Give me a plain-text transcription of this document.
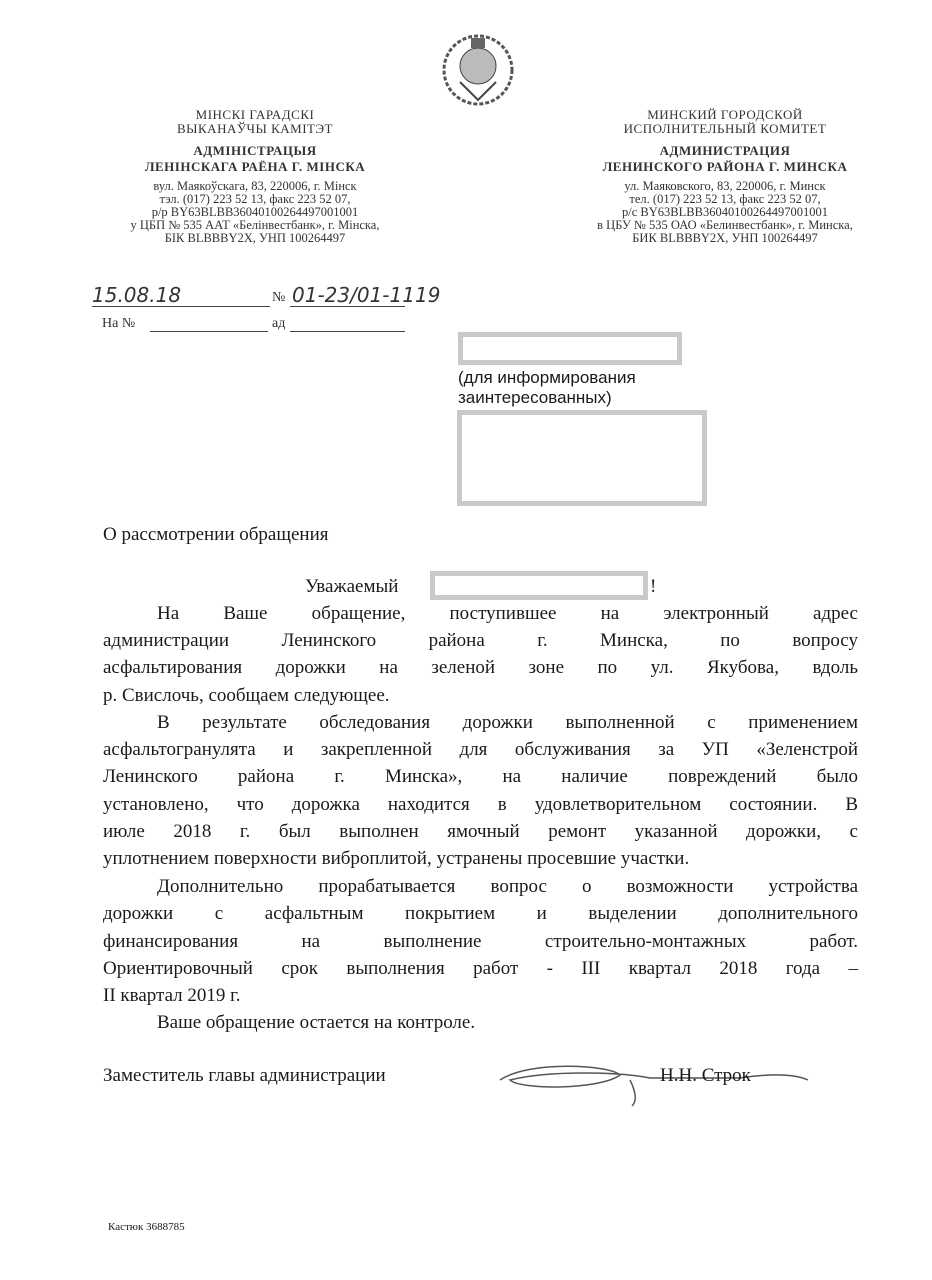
МІНСКІ ГАРАДСКІ
ВЫКАНАЎЧЫ КАМІТЭТ
АДМІНІСТРАЦЫЯ
ЛЕНІНСКАГА РАЁНА Г. МІНСКА
вул. Маякоўскага, 83, 220006, г. Мінск
тэл. (017) 223 52 13, факс 223 52 07,
р/р BY63BLBB36040100264497001001
у ЦБП № 535 ААТ «Белінвестбанк», г. Мінска,
БІК BLBBBY2X, УНП 100264497
МИНСКИЙ ГОРОДСКОЙ
ИСПОЛНИТЕЛЬНЫЙ КОМИТЕТ
АДМИНИСТРАЦИЯ
ЛЕНИНСКОГО РАЙОНА Г. МИНСКА
ул. Маяковского, 83, 220006, г. Минск
тел. (017) 223 52 13, факс 223 52 07,
р/с BY63BLBB36040100264497001001
в ЦБУ № 535 ОАО «Белинвестбанк», г. Минска,
БИК BLBBBY2X, УНП 100264497
15.08.18	№ 01-23/01-1119
На №	ад
(для информирования
заинтересованных)
О рассмотрении обращения
Уважаемый	!
На Ваше обращение, поступившее на электронный адрес
администрации Ленинского района г. Минска, по вопросу
асфальтирования дорожки на зеленой зоне по ул. Якубова, вдоль
р. Свислочь, сообщаем следующее.
В результате обследования дорожки выполненной с применением
асфальтогранулята и закрепленной для обслуживания за УП «Зеленстрой
Ленинского района г. Минска», на наличие повреждений было
установлено, что дорожка находится в удовлетворительном состоянии. В
июле 2018 г. был выполнен ямочный ремонт указанной дорожки, с
уплотнением поверхности виброплитой, устранены просевшие участки.
Дополнительно прорабатывается вопрос о возможности устройства
дорожки с асфальтным покрытием и выделении дополнительного
финансирования на выполнение строительно-монтажных работ.
Ориентировочный срок выполнения работ - III квартал 2018 года –
II квартал 2019 г.
Ваше обращение остается на контроле.
Заместитель главы администрации	Н.Н. Строк
Кастюк 3688785
